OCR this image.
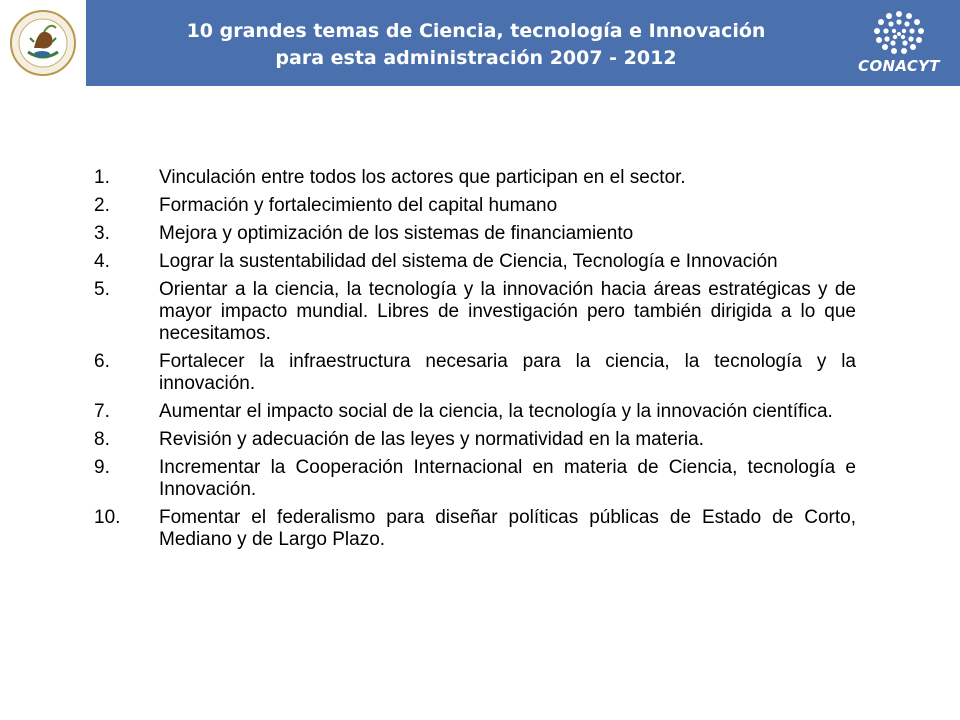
10 grandes temas de Ciencia, tecnología e Innovación
para esta administración 2007 - 2012	CONACYT
1.	Vinculación entre todos los actores que participan en el sector.
2.	Formación y fortalecimiento del capital humano
3.	Mejora y optimización de los sistemas de financiamiento
4.	Lograr la sustentabilidad del sistema de Ciencia, Tecnología e Innovación
5.	Orientar a la ciencia, la tecnología y la innovación hacia áreas estratégicas y de mayor impacto mundial. Libres de investigación pero también dirigida a lo que necesitamos.
6.	Fortalecer la infraestructura necesaria para la ciencia, la tecnología y la innovación.
7.	Aumentar el impacto social de la ciencia, la tecnología y la innovación científica.
8.	Revisión y adecuación de las leyes y normatividad en la materia.
9.	Incrementar la Cooperación Internacional en materia de Ciencia, tecnología e Innovación.
10. Fomentar el federalismo para diseñar políticas públicas de Estado de Corto, Mediano y de Largo Plazo.
